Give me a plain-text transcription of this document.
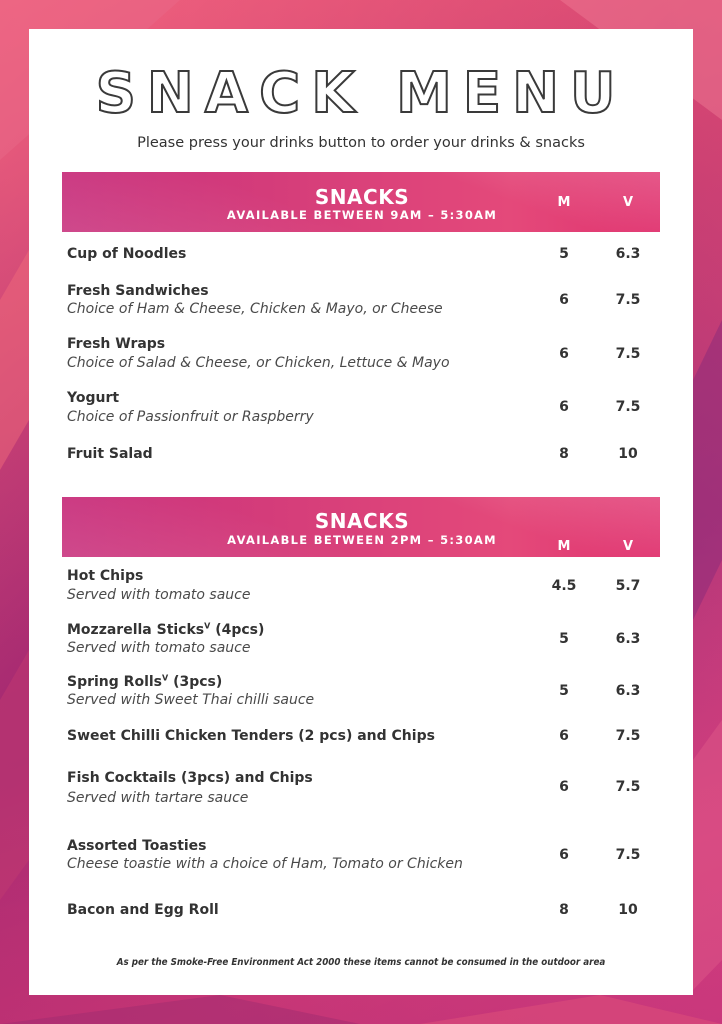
SNACK MENU
Please press your drinks button to order your drinks & snacks
SNACKS
AVAILABLE BETWEEN 9AM – 5:30AM
M	V
Cup of Noodles	5	6.3
Fresh Sandwiches
Choice of Ham & Cheese, Chicken & Mayo, or Cheese
6	7.5
Fresh Wraps
Choice of Salad & Cheese, or Chicken, Lettuce & Mayo
6	7.5
Yogurt
Choice of Passionfruit or Raspberry
6	7.5
Fruit Salad	8	10
SNACKS
AVAILABLE BETWEEN 2PM – 5:30AM	M	V
Hot Chips
Served with tomato sauce
4.5	5.7
Mozzarella Sticks$^V$ (4pcs)
Served with tomato sauce
5	6.3
Spring Rolls$^V$ (3pcs)
Served with Sweet Thai chilli sauce
5	6.3
Sweet Chilli Chicken Tenders (2 pcs) and Chips	6	7.5
Fish Cocktails (3pcs) and Chips
Served with tartare sauce
6	7.5
Assorted Toasties
Cheese toastie with a choice of Ham, Tomato or Chicken
6	7.5
Bacon and Egg Roll	8	10
As per the Smoke-Free Environment Act 2000 these items cannot be consumed in the outdoor area
